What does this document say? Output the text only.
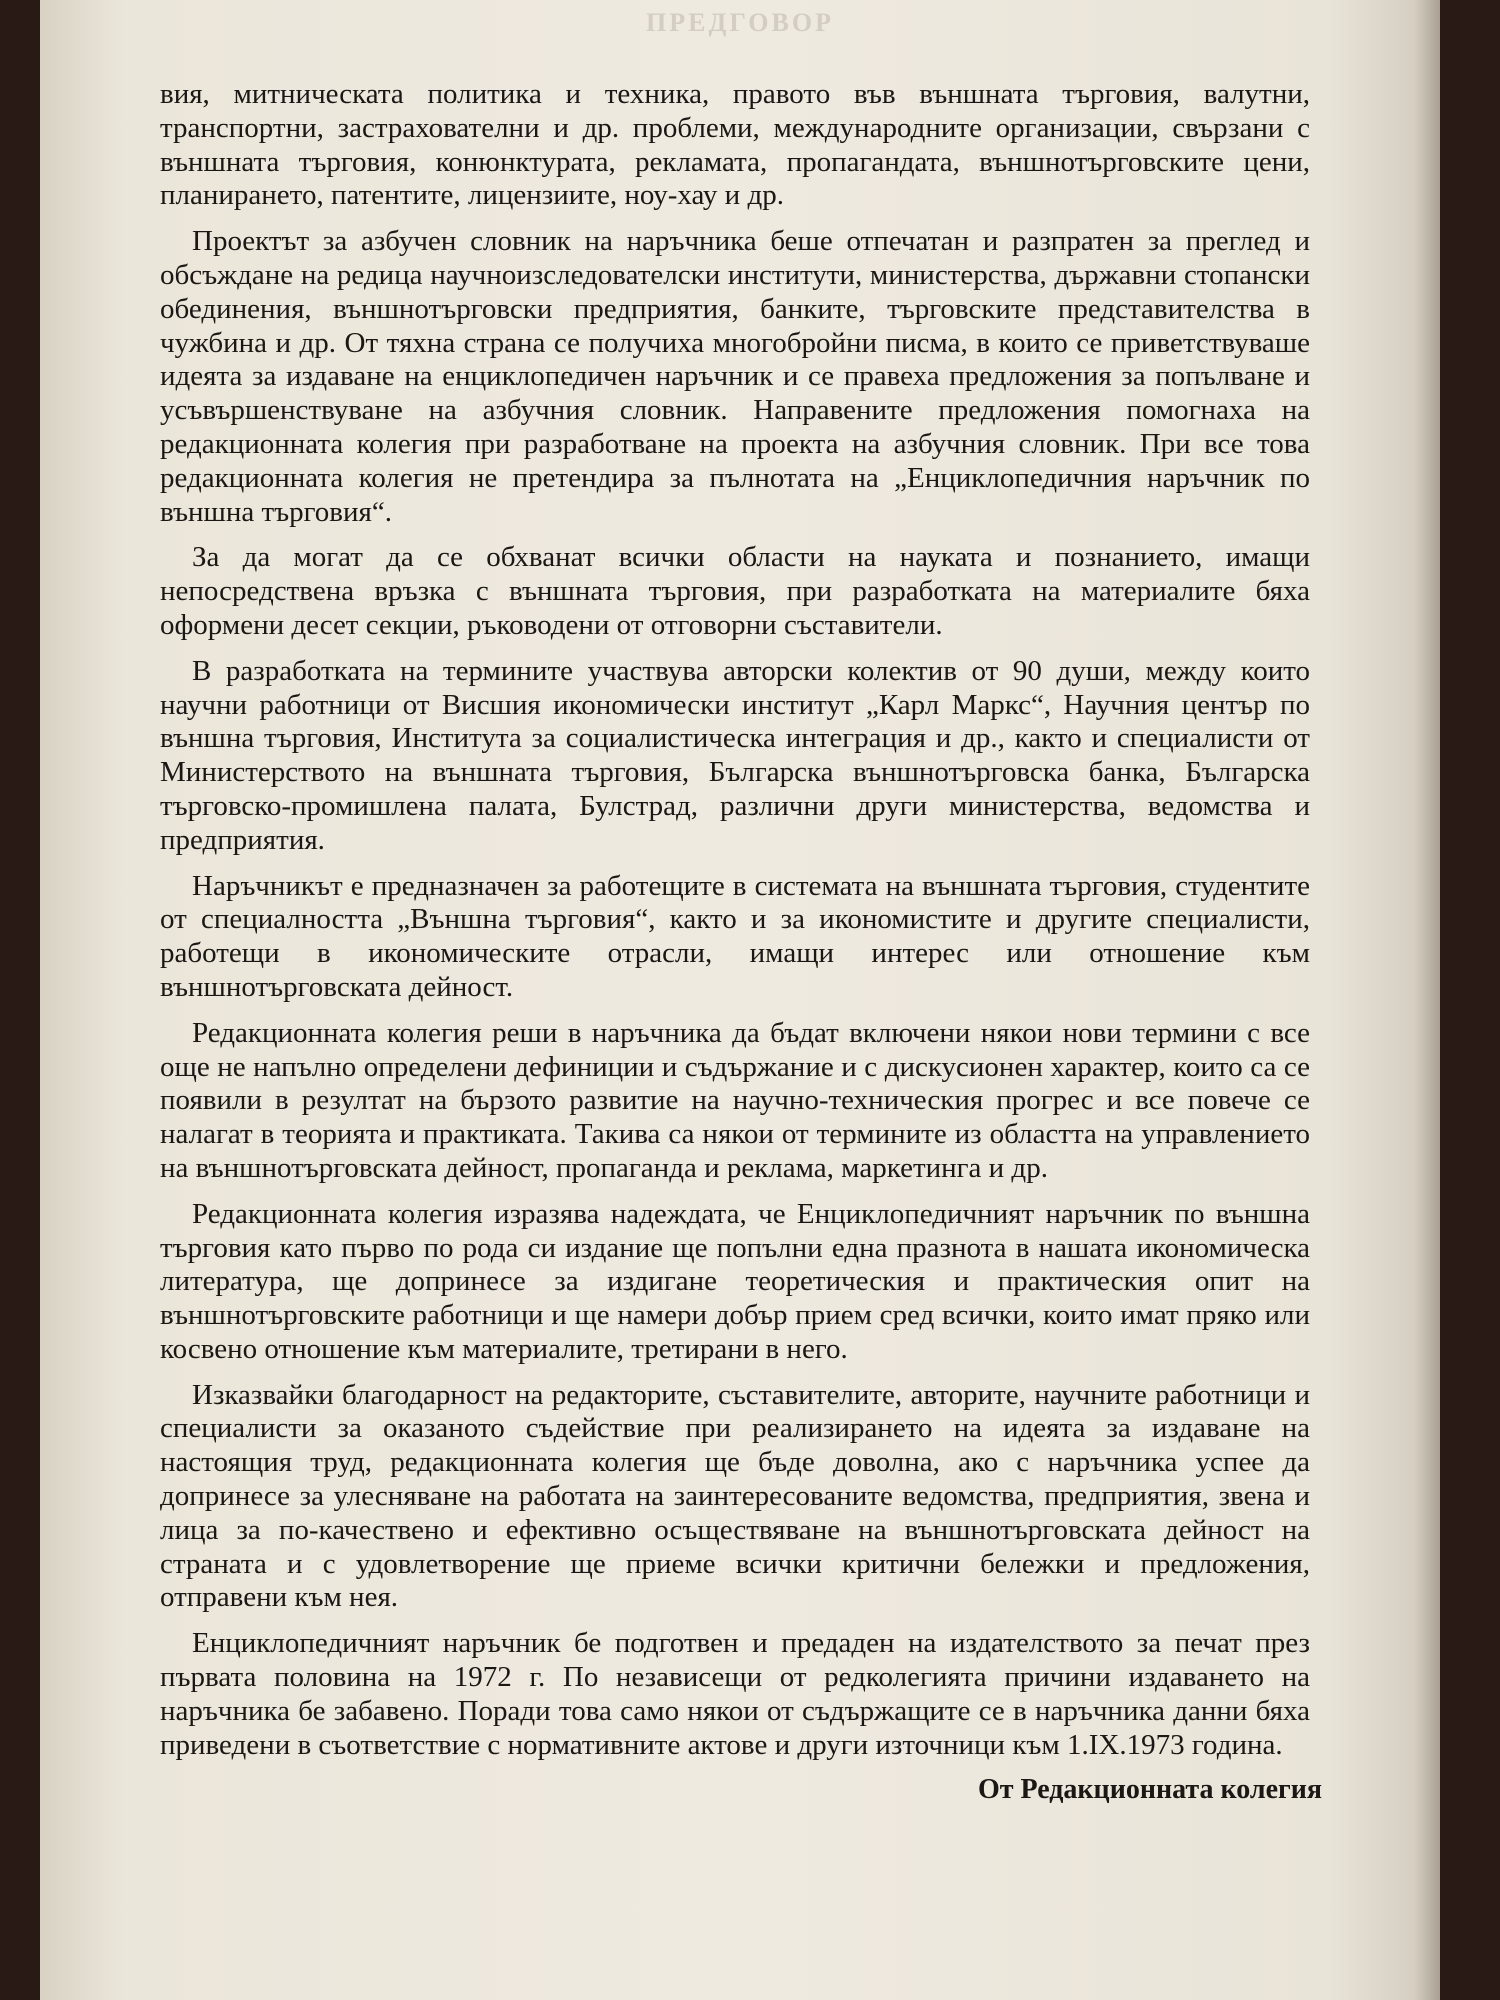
ПРЕДГОВОР

вия, митническата политика и техника, правото във външната търговия, валутни, транспортни, застрахователни и др. проблеми, международните организации, свързани с външната търговия, конюнктурата, рекламата, пропагандата, външнотърговските цени, планирането, патентите, лицензиите, ноу-хау и др.

Проектът за азбучен словник на наръчника беше отпечатан и разпратен за преглед и обсъждане на редица научноизследователски институти, министерства, държавни стопански обединения, външнотърговски предприятия, банките, търговските представителства в чужбина и др. От тяхна страна се получиха многобройни писма, в които се приветствуваше идеята за издаване на енциклопедичен наръчник и се правеха предложения за попълване и усъвършенствуване на азбучния словник. Направените предложения помогнаха на редакционната колегия при разработване на проекта на азбучния словник. При все това редакционната колегия не претендира за пълнотата на „Енциклопедичния наръчник по външна търговия“.

За да могат да се обхванат всички области на науката и познанието, имащи непосредствена връзка с външната търговия, при разработката на материалите бяха оформени десет секции, ръководени от отговорни съставители.

В разработката на термините участвува авторски колектив от 90 души, между които научни работници от Висшия икономически институт „Карл Маркс“, Научния център по външна търговия, Института за социалистическа интеграция и др., както и специалисти от Министерството на външната търговия, Българска външнотърговска банка, Българска търговско-промишлена палата, Булстрад, различни други министерства, ведомства и предприятия.

Наръчникът е предназначен за работещите в системата на външната търговия, студентите от специалността „Външна търговия“, както и за икономистите и другите специалисти, работещи в икономическите отрасли, имащи интерес или отношение към външнотърговската дейност.

Редакционната колегия реши в наръчника да бъдат включени някои нови термини с все още не напълно определени дефиниции и съдържание и с дискусионен характер, които са се появили в резултат на бързото развитие на научно-техническия прогрес и все повече се налагат в теорията и практиката. Такива са някои от термините из областта на управлението на външнотърговската дейност, пропаганда и реклама, маркетинга и др.

Редакционната колегия изразява надеждата, че Енциклопедичният наръчник по външна търговия като първо по рода си издание ще попълни една празнота в нашата икономическа литература, ще допринесе за издигане теоретическия и практическия опит на външнотърговските работници и ще намери добър прием сред всички, които имат пряко или косвено отношение към материалите, третирани в него.

Изказвайки благодарност на редакторите, съставителите, авторите, научните работници и специалисти за оказаното съдействие при реализирането на идеята за издаване на настоящия труд, редакционната колегия ще бъде доволна, ако с наръчника успее да допринесе за улесняване на работата на заинтересованите ведомства, предприятия, звена и лица за по-качествено и ефективно осъществяване на външнотърговската дейност на страната и с удовлетворение ще приеме всички критични бележки и предложения, отправени към нея.

Енциклопедичният наръчник бе подготвен и предаден на издателството за печат през първата половина на 1972 г. По независещи от редколегията причини издаването на наръчника бе забавено. Поради това само някои от съдържащите се в наръчника данни бяха приведени в съответствие с нормативните актове и други източници към 1.IX.1973 година.

От Редакционната колегия
